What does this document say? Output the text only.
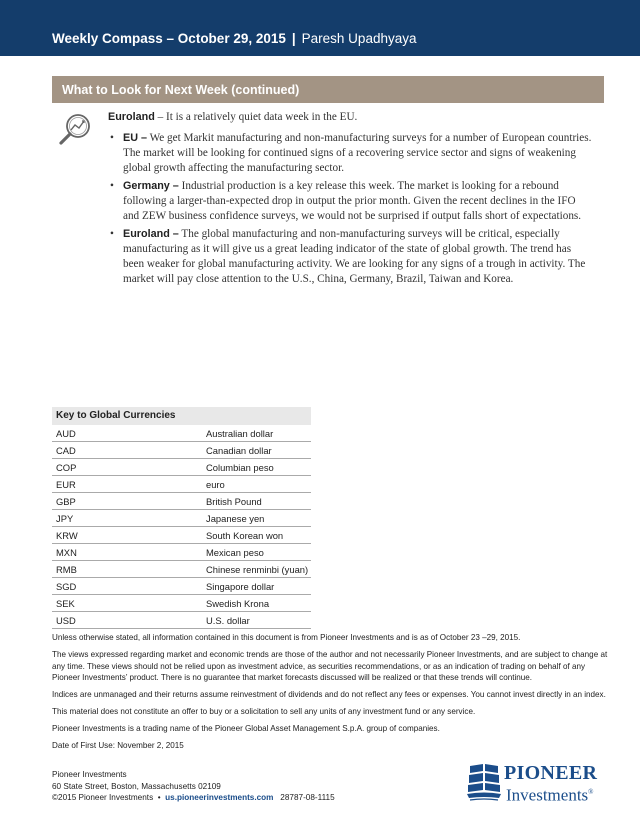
Weekly Compass – October 29, 2015 | Paresh Upadhyaya
What to Look for Next Week (continued)

Euroland – It is a relatively quiet data week in the EU.

• EU – We get Markit manufacturing and non-manufacturing surveys for a number of European countries. The market will be looking for continued signs of a recovering service sector and signs of weakening global growth affecting the manufacturing sector.
• Germany – Industrial production is a key release this week. The market is looking for a rebound following a larger-than-expected drop in output the prior month. Given the recent declines in the IFO and ZEW business confidence surveys, we would not be surprised if output falls short of expectations.
• Euroland – The global manufacturing and non-manufacturing surveys will be critical, especially manufacturing as it will give us a great leading indicator of the state of global growth. The trend has been weaker for global manufacturing activity. We are looking for any signs of a trough in activity. The market will pay close attention to the U.S., China, Germany, Brazil, Taiwan and Korea.
Key to Global Currencies
AUD	Australian dollar
CAD	Canadian dollar
COP	Columbian peso
EUR	euro
GBP	British Pound
JPY	Japanese yen
KRW	South Korean won
MXN	Mexican peso
RMB	Chinese renminbi (yuan)
SGD	Singapore dollar
SEK	Swedish Krona
USD	U.S. dollar

Unless otherwise stated, all information contained in this document is from Pioneer Investments and is as of October 23 –29, 2015.

The views expressed regarding market and economic trends are those of the author and not necessarily Pioneer Investments, and are subject to change at any time. These views should not be relied upon as investment advice, as securities recommendations, or as an indication of trading on behalf of any Pioneer Investments’ product. There is no guarantee that market forecasts discussed will be realized or that these trends will continue.

Indices are unmanaged and their returns assume reinvestment of dividends and do not reflect any fees or expenses. You cannot invest directly in an index.

This material does not constitute an offer to buy or a solicitation to sell any units of any investment fund or any service.

Pioneer Investments is a trading name of the Pioneer Global Asset Management S.p.A. group of companies.

Date of First Use: November 2, 2015

Pioneer Investments
60 State Street, Boston, Massachusetts 02109
©2015 Pioneer Investments • us.pioneerinvestments.com 28787-08-1115
PIONEER
Investments®
